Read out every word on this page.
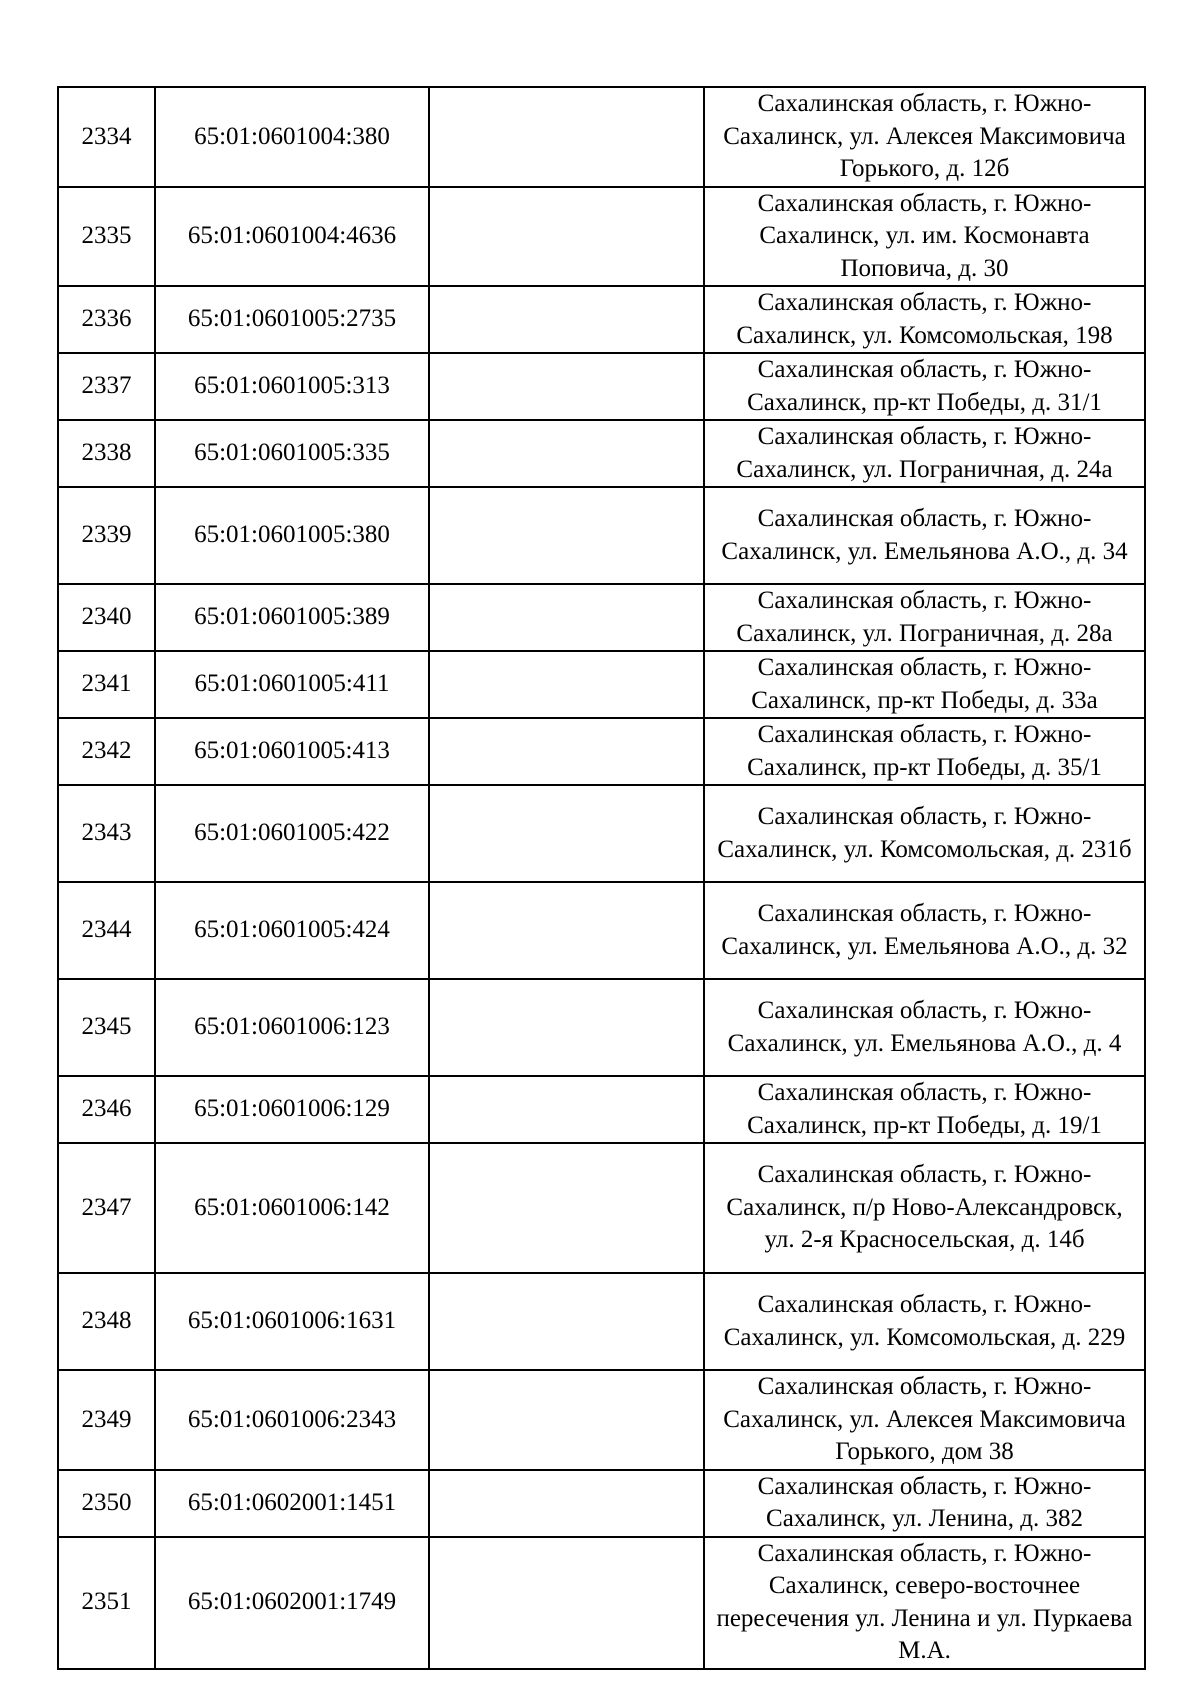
2334	65:01:0601004:380		Сахалинская область, г. Южно-Сахалинск, ул. Алексея Максимовича Горького, д. 12б
2335	65:01:0601004:4636		Сахалинская область, г. Южно-Сахалинск, ул. им. Космонавта Поповича, д. 30
2336	65:01:0601005:2735		Сахалинская область, г. Южно-Сахалинск, ул. Комсомольская, 198
2337	65:01:0601005:313		Сахалинская область, г. Южно-Сахалинск, пр-кт Победы, д. 31/1
2338	65:01:0601005:335		Сахалинская область, г. Южно-Сахалинск, ул. Пограничная, д. 24а
2339	65:01:0601005:380		Сахалинская область, г. Южно-Сахалинск, ул. Емельянова А.О., д. 34
2340	65:01:0601005:389		Сахалинская область, г. Южно-Сахалинск, ул. Пограничная, д. 28а
2341	65:01:0601005:411		Сахалинская область, г. Южно-Сахалинск, пр-кт Победы, д. 33а
2342	65:01:0601005:413		Сахалинская область, г. Южно-Сахалинск, пр-кт Победы, д. 35/1
2343	65:01:0601005:422		Сахалинская область, г. Южно-Сахалинск, ул. Комсомольская, д. 231б
2344	65:01:0601005:424		Сахалинская область, г. Южно-Сахалинск, ул. Емельянова А.О., д. 32
2345	65:01:0601006:123		Сахалинская область, г. Южно-Сахалинск, ул. Емельянова А.О., д. 4
2346	65:01:0601006:129		Сахалинская область, г. Южно-Сахалинск, пр-кт Победы, д. 19/1
2347	65:01:0601006:142		Сахалинская область, г. Южно-Сахалинск, п/р Ново-Александровск, ул. 2-я Красносельская, д. 14б
2348	65:01:0601006:1631		Сахалинская область, г. Южно-Сахалинск, ул. Комсомольская, д. 229
2349	65:01:0601006:2343		Сахалинская область, г. Южно-Сахалинск, ул. Алексея Максимовича Горького, дом 38
2350	65:01:0602001:1451		Сахалинская область, г. Южно-Сахалинск, ул. Ленина, д. 382
2351	65:01:0602001:1749		Сахалинская область, г. Южно-Сахалинск, северо-восточнее пересечения ул. Ленина и ул. Пуркаева М.А.
